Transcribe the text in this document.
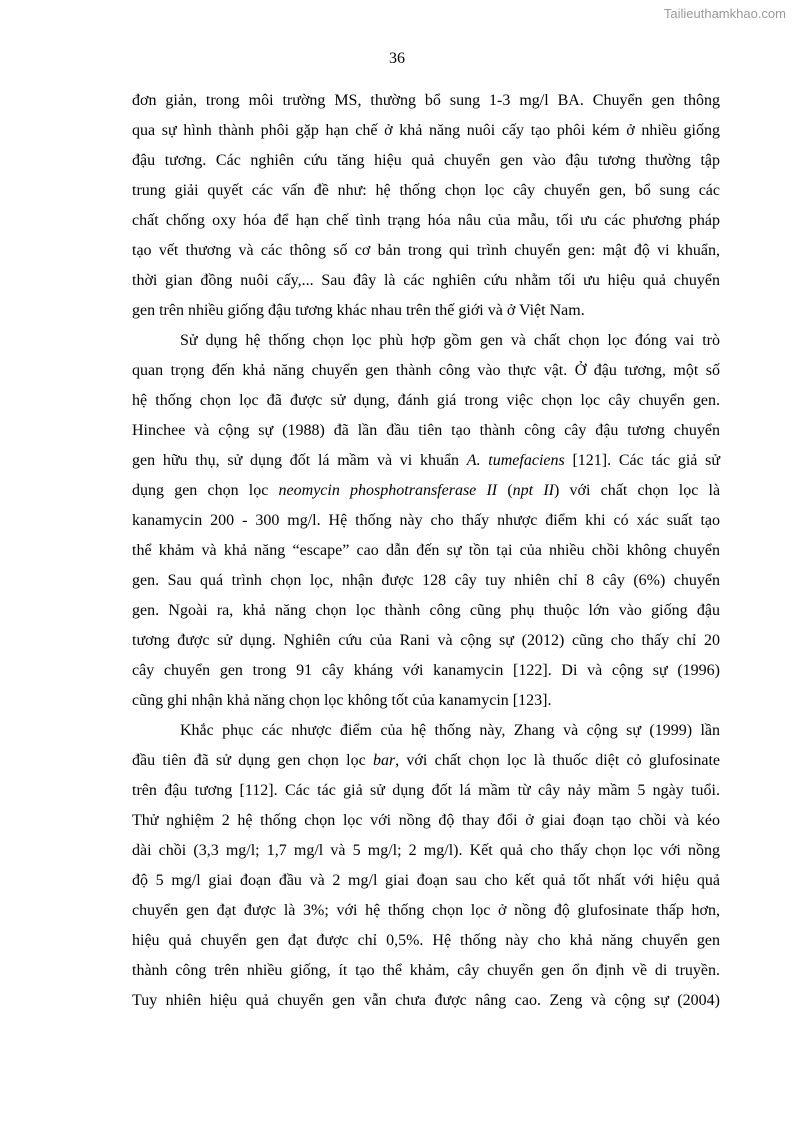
Tailieuthamkhao.com
36
đơn giản, trong môi trường MS, thường bổ sung 1-3 mg/l BA. Chuyển gen thông
qua sự hình thành phôi gặp hạn chế ở khả năng nuôi cấy tạo phôi kém ở nhiều giống
đậu tương. Các nghiên cứu tăng hiệu quả chuyển gen vào đậu tương thường tập
trung giải quyết các vấn đề như: hệ thống chọn lọc cây chuyển gen, bổ sung các
chất chống oxy hóa để hạn chế tình trạng hóa nâu của mẫu, tối ưu các phương pháp
tạo vết thương và các thông số cơ bản trong qui trình chuyển gen: mật độ vi khuẩn,
thời gian đồng nuôi cấy,... Sau đây là các nghiên cứu nhằm tối ưu hiệu quả chuyển
gen trên nhiều giống đậu tương khác nhau trên thế giới và ở Việt Nam.
Sử dụng hệ thống chọn lọc phù hợp gồm gen và chất chọn lọc đóng vai trò
quan trọng đến khả năng chuyển gen thành công vào thực vật. Ở đậu tương, một số
hệ thống chọn lọc đã được sử dụng, đánh giá trong việc chọn lọc cây chuyển gen.
Hinchee và cộng sự (1988) đã lần đầu tiên tạo thành công cây đậu tương chuyển
gen hữu thụ, sử dụng đốt lá mầm và vi khuẩn A. tumefaciens [121]. Các tác giả sử
dụng gen chọn lọc neomycin phosphotransferase II (npt II) với chất chọn lọc là
kanamycin 200 - 300 mg/l. Hệ thống này cho thấy nhược điểm khi có xác suất tạo
thể khảm và khả năng “escape” cao dẫn đến sự tồn tại của nhiều chồi không chuyển
gen. Sau quá trình chọn lọc, nhận được 128 cây tuy nhiên chỉ 8 cây (6%) chuyển
gen. Ngoài ra, khả năng chọn lọc thành công cũng phụ thuộc lớn vào giống đậu
tương được sử dụng. Nghiên cứu của Rani và cộng sự (2012) cũng cho thấy chỉ 20
cây chuyển gen trong 91 cây kháng với kanamycin [122]. Di và cộng sự (1996)
cũng ghi nhận khả năng chọn lọc không tốt của kanamycin [123].
Khắc phục các nhược điểm của hệ thống này, Zhang và cộng sự (1999) lần
đầu tiên đã sử dụng gen chọn lọc bar, với chất chọn lọc là thuốc diệt cỏ glufosinate
trên đậu tương [112]. Các tác giả sử dụng đốt lá mầm từ cây nảy mầm 5 ngày tuổi.
Thử nghiệm 2 hệ thống chọn lọc với nồng độ thay đổi ở giai đoạn tạo chồi và kéo
dài chồi (3,3 mg/l; 1,7 mg/l và 5 mg/l; 2 mg/l). Kết quả cho thấy chọn lọc với nồng
độ 5 mg/l giai đoạn đầu và 2 mg/l giai đoạn sau cho kết quả tốt nhất với hiệu quả
chuyển gen đạt được là 3%; với hệ thống chọn lọc ở nồng độ glufosinate thấp hơn,
hiệu quả chuyển gen đạt được chỉ 0,5%. Hệ thống này cho khả năng chuyển gen
thành công trên nhiều giống, ít tạo thể khảm, cây chuyển gen ổn định về di truyền.
Tuy nhiên hiệu quả chuyển gen vẫn chưa được nâng cao. Zeng và cộng sự (2004)
